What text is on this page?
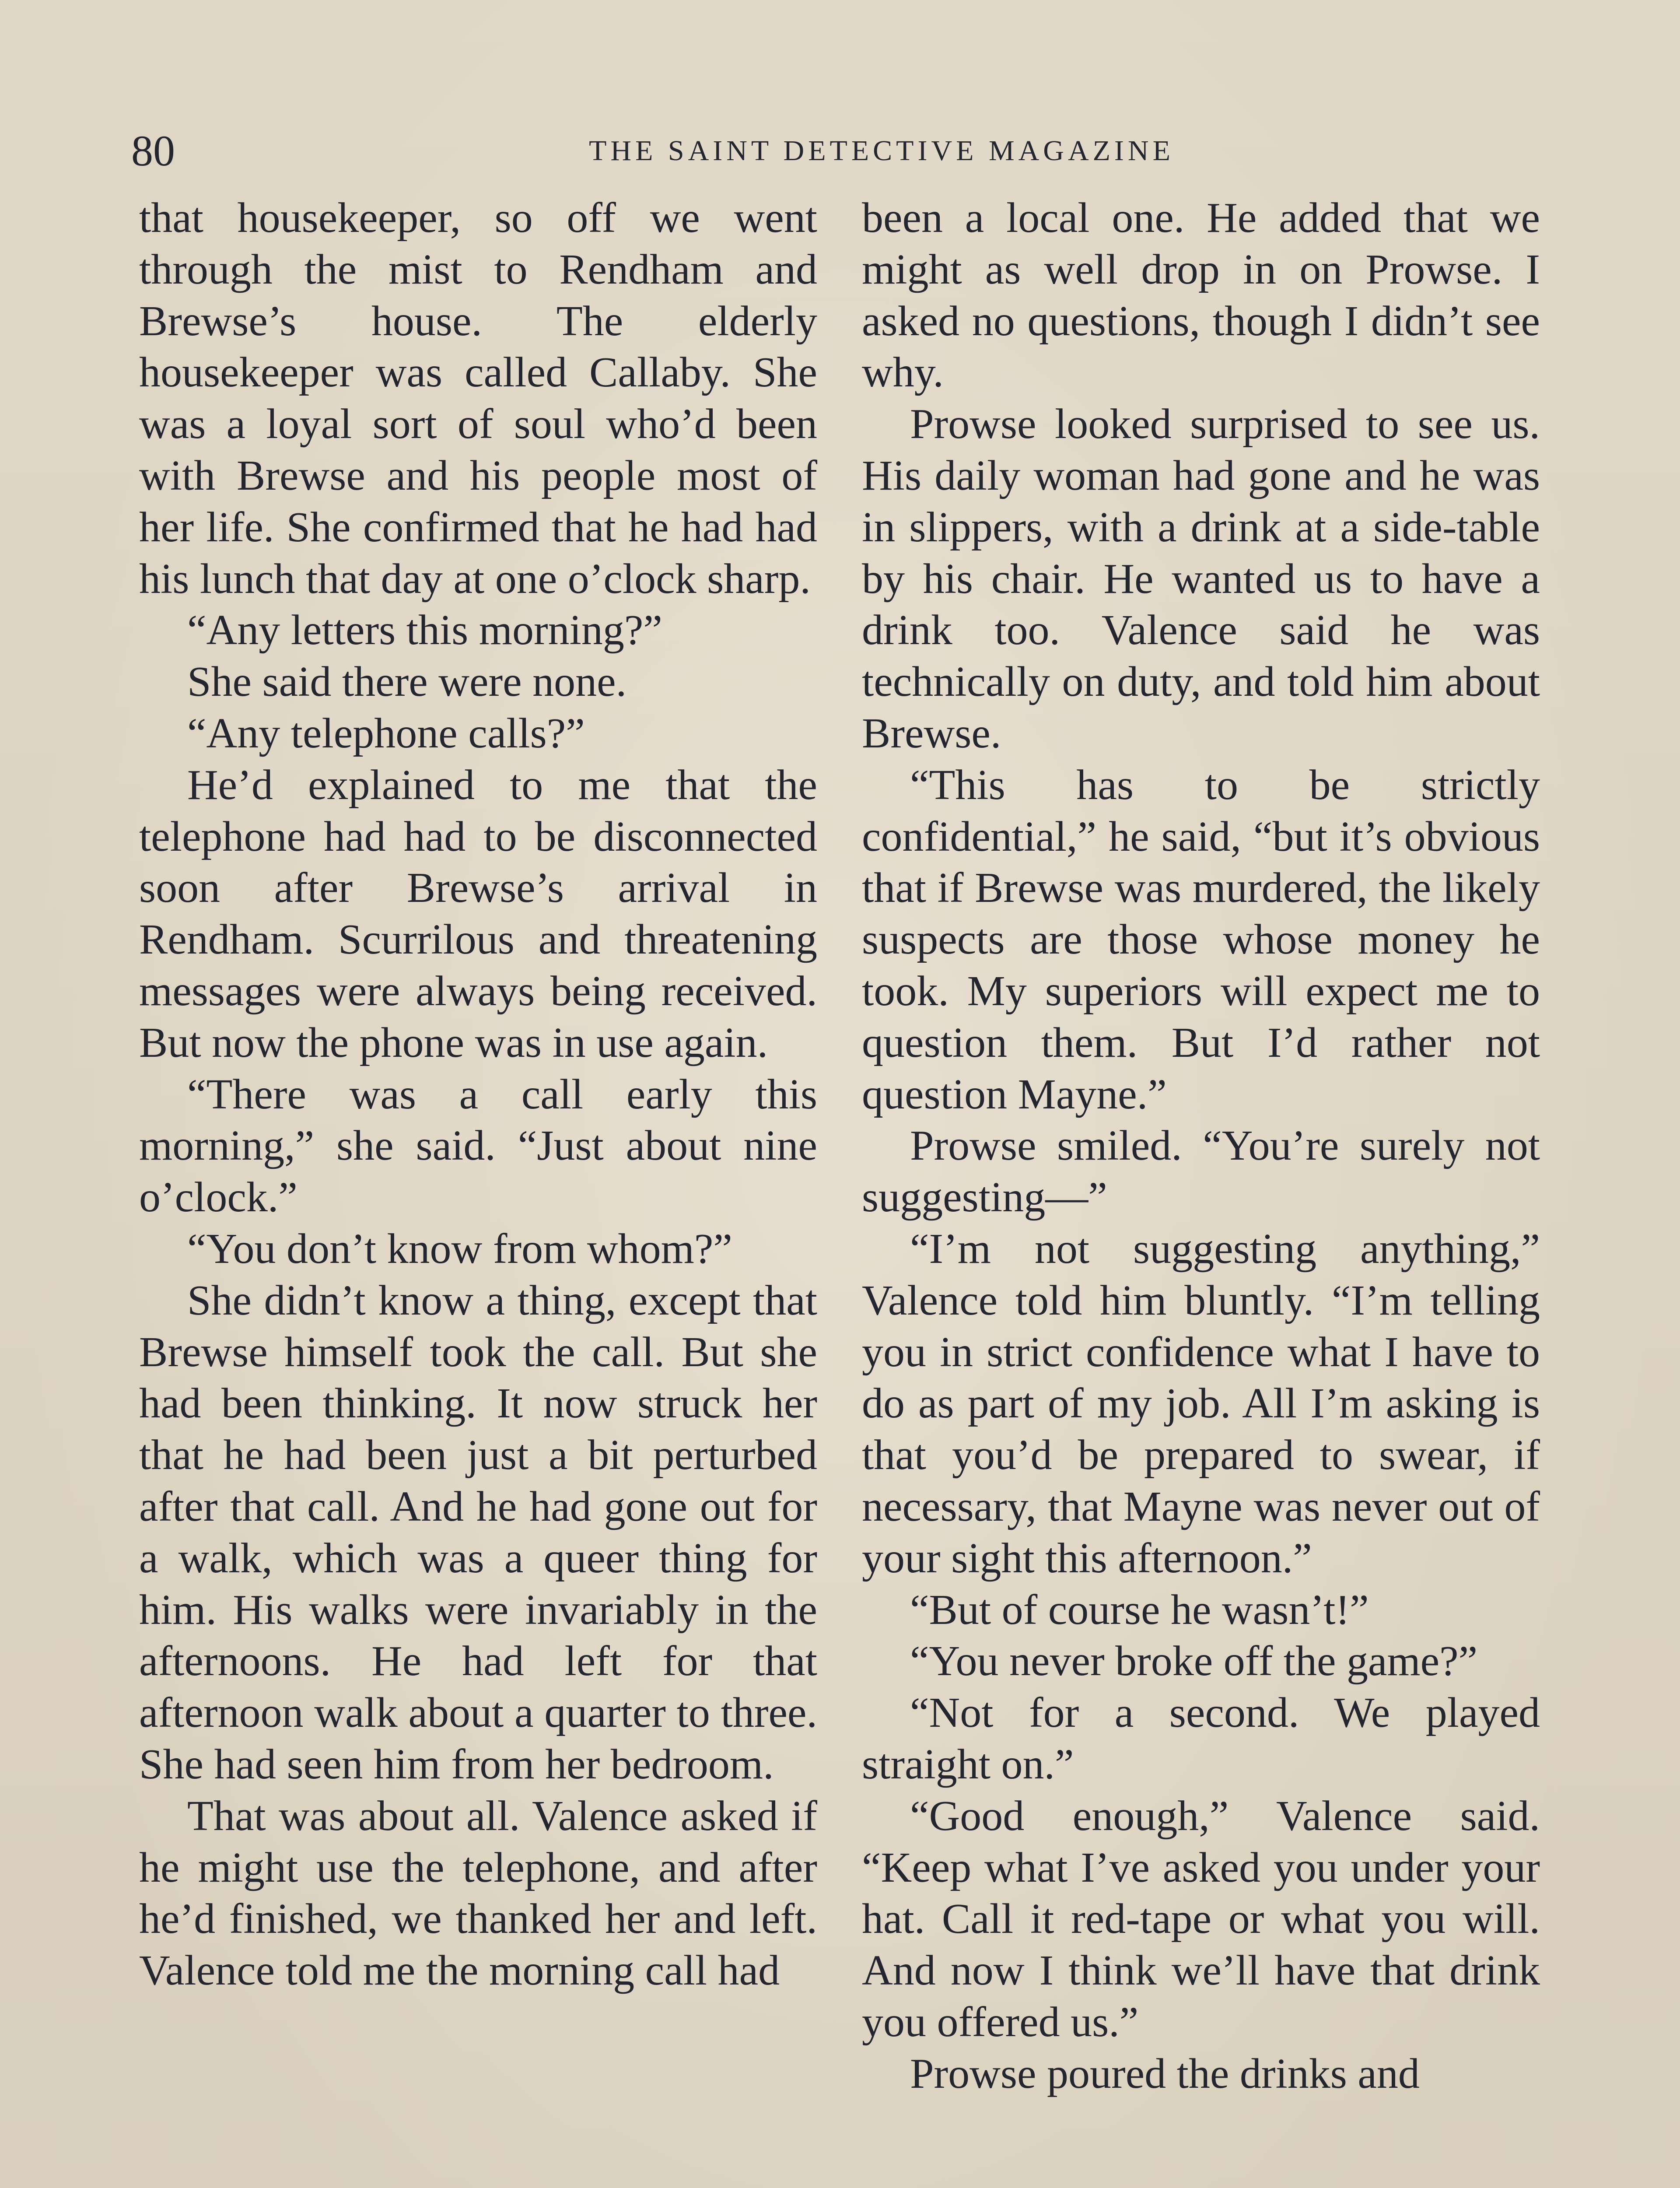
80	THE SAINT DETECTIVE MAGAZINE

that housekeeper, so off we went through the mist to Rendham and Brewse’s house. The elderly housekeeper was called Callaby. She was a loyal sort of soul who’d been with Brewse and his people most of her life. She confirmed that he had had his lunch that day at one o’clock sharp.

“Any letters this morning?”

She said there were none.

“Any telephone calls?”

He’d explained to me that the telephone had had to be disconnected soon after Brewse’s arrival in Rendham. Scurrilous and threatening messages were always being received. But now the phone was in use again.

“There was a call early this morning,” she said. “Just about nine o’clock.”

“You don’t know from whom?”

She didn’t know a thing, except that Brewse himself took the call. But she had been thinking. It now struck her that he had been just a bit perturbed after that call. And he had gone out for a walk, which was a queer thing for him. His walks were invariably in the afternoons. He had left for that afternoon walk about a quarter to three. She had seen him from her bedroom.

That was about all. Valence asked if he might use the telephone, and after he’d finished, we thanked her and left. Valence told me the morning call had

been a local one. He added that we might as well drop in on Prowse. I asked no questions, though I didn’t see why.

Prowse looked surprised to see us. His daily woman had gone and he was in slippers, with a drink at a side-table by his chair. He wanted us to have a drink too. Valence said he was technically on duty, and told him about Brewse.

“This has to be strictly confidential,” he said, “but it’s obvious that if Brewse was murdered, the likely suspects are those whose money he took. My superiors will expect me to question them. But I’d rather not question Mayne.”

Prowse smiled. “You’re surely not suggesting—”

“I’m not suggesting anything,” Valence told him bluntly. “I’m telling you in strict confidence what I have to do as part of my job. All I’m asking is that you’d be prepared to swear, if necessary, that Mayne was never out of your sight this afternoon.”

“But of course he wasn’t!”

“You never broke off the game?”

“Not for a second. We played straight on.”

“Good enough,” Valence said. “Keep what I’ve asked you under your hat. Call it red-tape or what you will. And now I think we’ll have that drink you offered us.”

Prowse poured the drinks and
